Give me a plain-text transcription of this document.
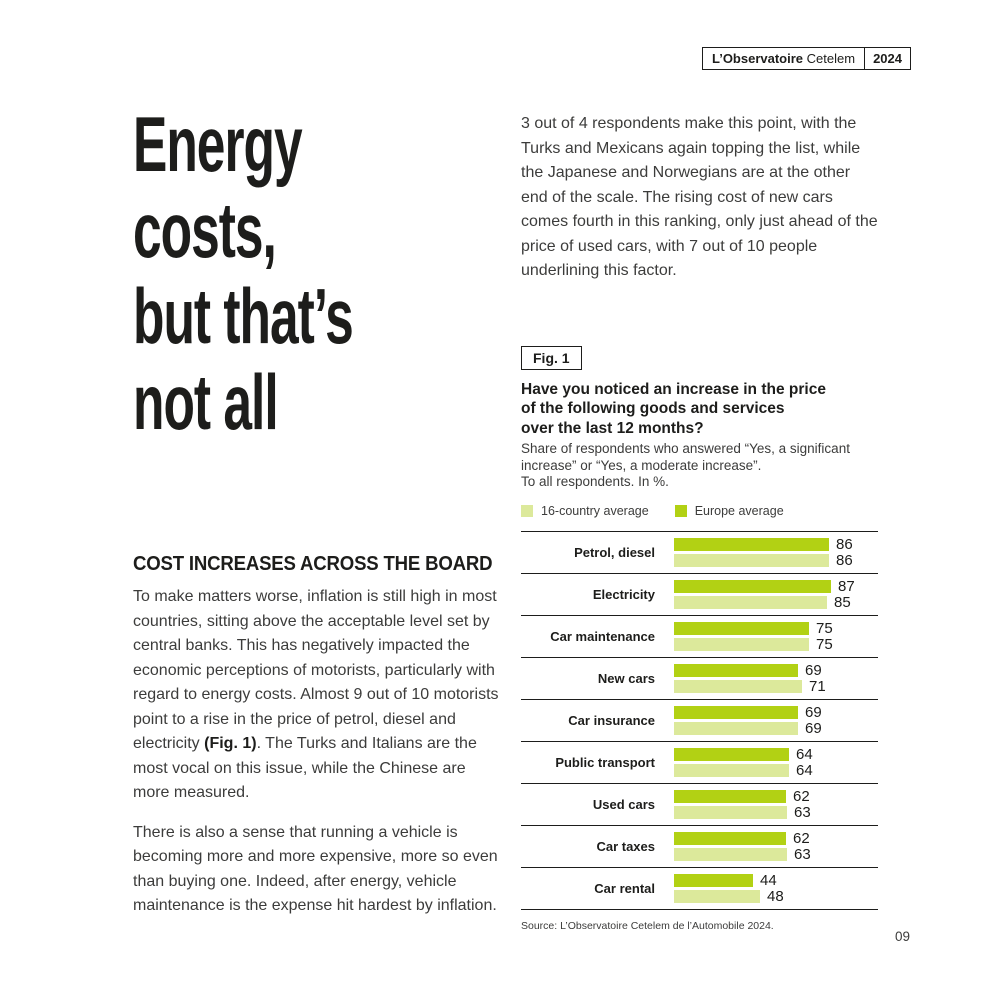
L’Observatoire Cetelem	2024
Energy
costs,
but that’s
not all
COST INCREASES ACROSS THE BOARD

To make matters worse, inflation is still high in most countries, sitting above the acceptable level set by central banks. This has negatively impacted the economic perceptions of motorists, particularly with regard to energy costs. Almost 9 out of 10 motorists point to a rise in the price of petrol, diesel and electricity (Fig. 1). The Turks and Italians are the most vocal on this issue, while the Chinese are more measured.

There is also a sense that running a vehicle is becoming more and more expensive, more so even than buying one. Indeed, after energy, vehicle maintenance is the expense hit hardest by inflation.

3 out of 4 respondents make this point, with the Turks and Mexicans again topping the list, while the Japanese and Norwegians are at the other end of the scale. The rising cost of new cars comes fourth in this ranking, only just ahead of the price of used cars, with 7 out of 10 people underlining this factor.

Fig. 1
Have you noticed an increase in the price
of the following goods and services
over the last 12 months?
Share of respondents who answered “Yes, a significant
increase” or “Yes, a moderate increase”.
To all respondents. In %.
16-country average	Europe average
Petrol, diesel	86
86
Electricity	87
85
Car maintenance	75
75
New cars	69
71
Car insurance	69
69
Public transport	64
64
Used cars	62
63
Car taxes	62
63
Car rental	44
48
Source: L’Observatoire Cetelem de l’Automobile 2024.
09
